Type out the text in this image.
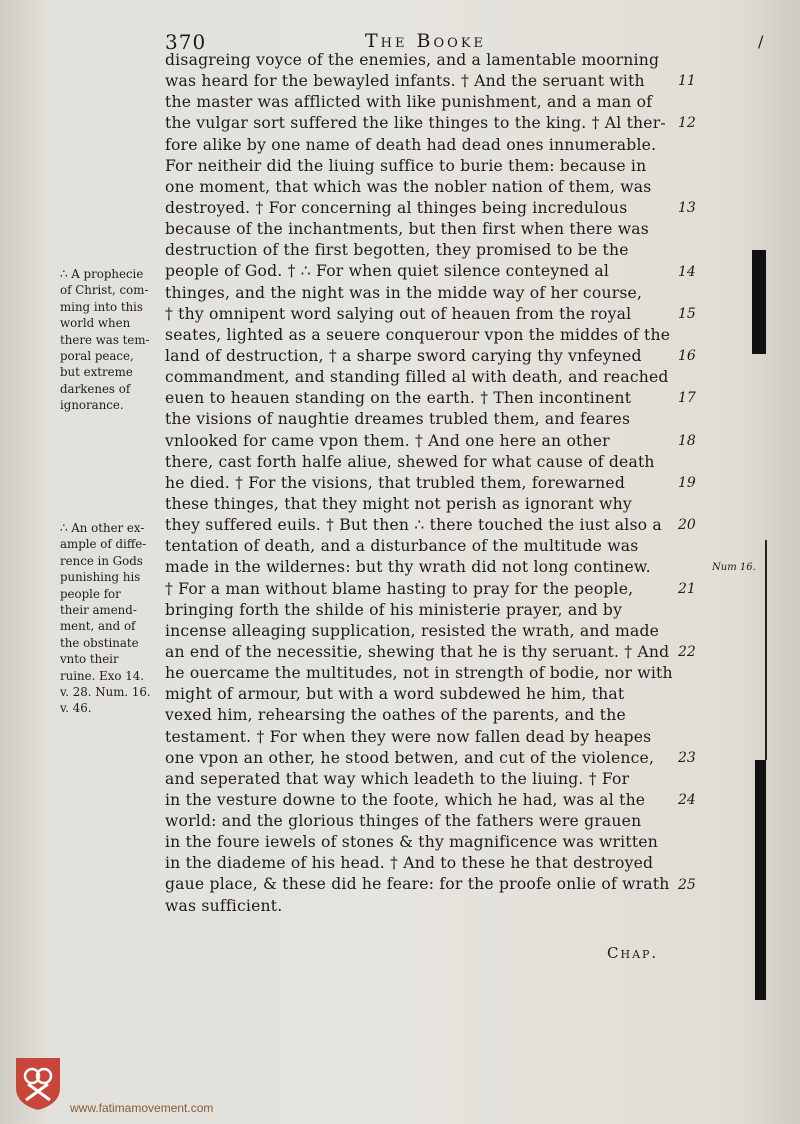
370	The Booke	/
disagreing voyce of the enemies, and a lamentable moorning
was heard for the bewayled infants. † And the seruant with
the master was afflicted with like punishment, and a man of
the vulgar sort suffered the like thinges to the king. † Al ther-
fore alike by one name of death had dead ones innumerable.
For neitheir did the liuing suffice to burie them: because in
one moment, that which was the nobler nation of them, was
destroyed. † For concerning al thinges being incredulous
because of the inchantments, but then first when there was
destruction of the first begotten, they promised to be the
people of God. † ∴ For when quiet silence conteyned al
thinges, and the night was in the midde way of her course,
† thy omnipent word salying out of heauen from the royal
seates, lighted as a seuere conquerour vpon the middes of the
land of destruction, † a sharpe sword carying thy vnfeyned
commandment, and standing filled al with death, and reached
euen to heauen standing on the earth. † Then incontinent
the visions of naughtie dreames trubled them, and feares
vnlooked for came vpon them. † And one here an other
there, cast forth halfe aliue, shewed for what cause of death
he died. † For the visions, that trubled them, forewarned
these thinges, that they might not perish as ignorant why
they suffered euils. † But then ∴ there touched the iust also a
tentation of death, and a disturbance of the multitude was
made in the wildernes: but thy wrath did not long continew.
† For a man without blame hasting to pray for the people,
bringing forth the shilde of his ministerie prayer, and by
incense alleaging supplication, resisted the wrath, and made
an end of the necessitie, shewing that he is thy seruant. † And
he ouercame the multitudes, not in strength of bodie, nor with
might of armour, but with a word subdewed he him, that
vexed him, rehearsing the oathes of the parents, and the
testament. † For when they were now fallen dead by heapes
one vpon an other, he stood betwen, and cut of the violence,
and seperated that way which leadeth to the liuing. † For
in the vesture downe to the foote, which he had, was al the
world: and the glorious thinges of the fathers were grauen
in the foure iewels of stones & thy magnificence was written
in the diademe of his head. † And to these he that destroyed
gaue place, & these did he feare: for the proofe onlie of wrath
was sufficient.
11
12
13
14
15
16
17
18
19
20
21
22
23
24
25
∴ A prophecie
of Christ, com-
ming into this
world when
there was tem-
poral peace,
but extreme
darkenes of
ignorance.
∴ An other ex-
ample of diffe-
rence in Gods
punishing his
people for
their amend-
ment, and of
the obstinate
vnto their
ruine. Exo 14.
v. 28. Num. 16.
v. 46.
Num 16.
Chap.
www.fatimamovement.com
